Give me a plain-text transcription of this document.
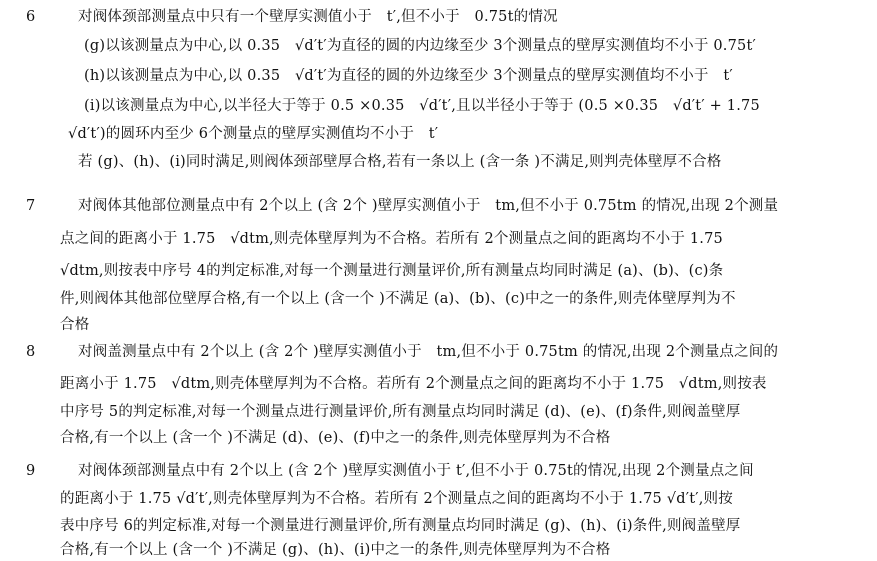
6	对阀体颈部测量点中只有一个壁厚实测值小于　t′,但不小于　0.75t的情况
(g)以该测量点为中心,以 0.35　√d′t′为直径的圆的内边缘至少 3个测量点的壁厚实测值均不小于 0.75t′
(h)以该测量点为中心,以 0.35　√d′t′为直径的圆的外边缘至少 3个测量点的壁厚实测值均不小于　t′
(i)以该测量点为中心,以半径大于等于 0.5 ×0.35　√d′t′,且以半径小于等于 (0.5 ×0.35　√d′t′ + 1.75
√d′t′)的圆环内至少 6个测量点的壁厚实测值均不小于　t′
若 (g)、(h)、(i)同时满足,则阀体颈部壁厚合格,若有一条以上 (含一条 )不满足,则判壳体壁厚不合格
7	对阀体其他部位测量点中有 2个以上 (含 2个 )壁厚实测值小于　tm,但不小于 0.75tm 的情况,出现 2个测量
点之间的距离小于 1.75　√dtm,则壳体壁厚判为不合格。若所有 2个测量点之间的距离均不小于 1.75
√dtm,则按表中序号 4的判定标准,对每一个测量进行测量评价,所有测量点均同时满足 (a)、(b)、(c)条
件,则阀体其他部位壁厚合格,有一个以上 (含一个 )不满足 (a)、(b)、(c)中之一的条件,则壳体壁厚判为不
合格
8	对阀盖测量点中有 2个以上 (含 2个 )壁厚实测值小于　tm,但不小于 0.75tm 的情况,出现 2个测量点之间的
距离小于 1.75　√dtm,则壳体壁厚判为不合格。若所有 2个测量点之间的距离均不小于 1.75　√dtm,则按表
中序号 5的判定标准,对每一个测量点进行测量评价,所有测量点均同时满足 (d)、(e)、(f)条件,则阀盖壁厚
合格,有一个以上 (含一个 )不满足 (d)、(e)、(f)中之一的条件,则壳体壁厚判为不合格
9	对阀体颈部测量点中有 2个以上 (含 2个 )壁厚实测值小于 t′,但不小于 0.75t的情况,出现 2个测量点之间
的距离小于 1.75 √d′t′,则壳体壁厚判为不合格。若所有 2个测量点之间的距离均不小于 1.75 √d′t′,则按
表中序号 6的判定标准,对每一个测量进行测量评价,所有测量点均同时满足 (g)、(h)、(i)条件,则阀盖壁厚
合格,有一个以上 (含一个 )不满足 (g)、(h)、(i)中之一的条件,则壳体壁厚判为不合格
